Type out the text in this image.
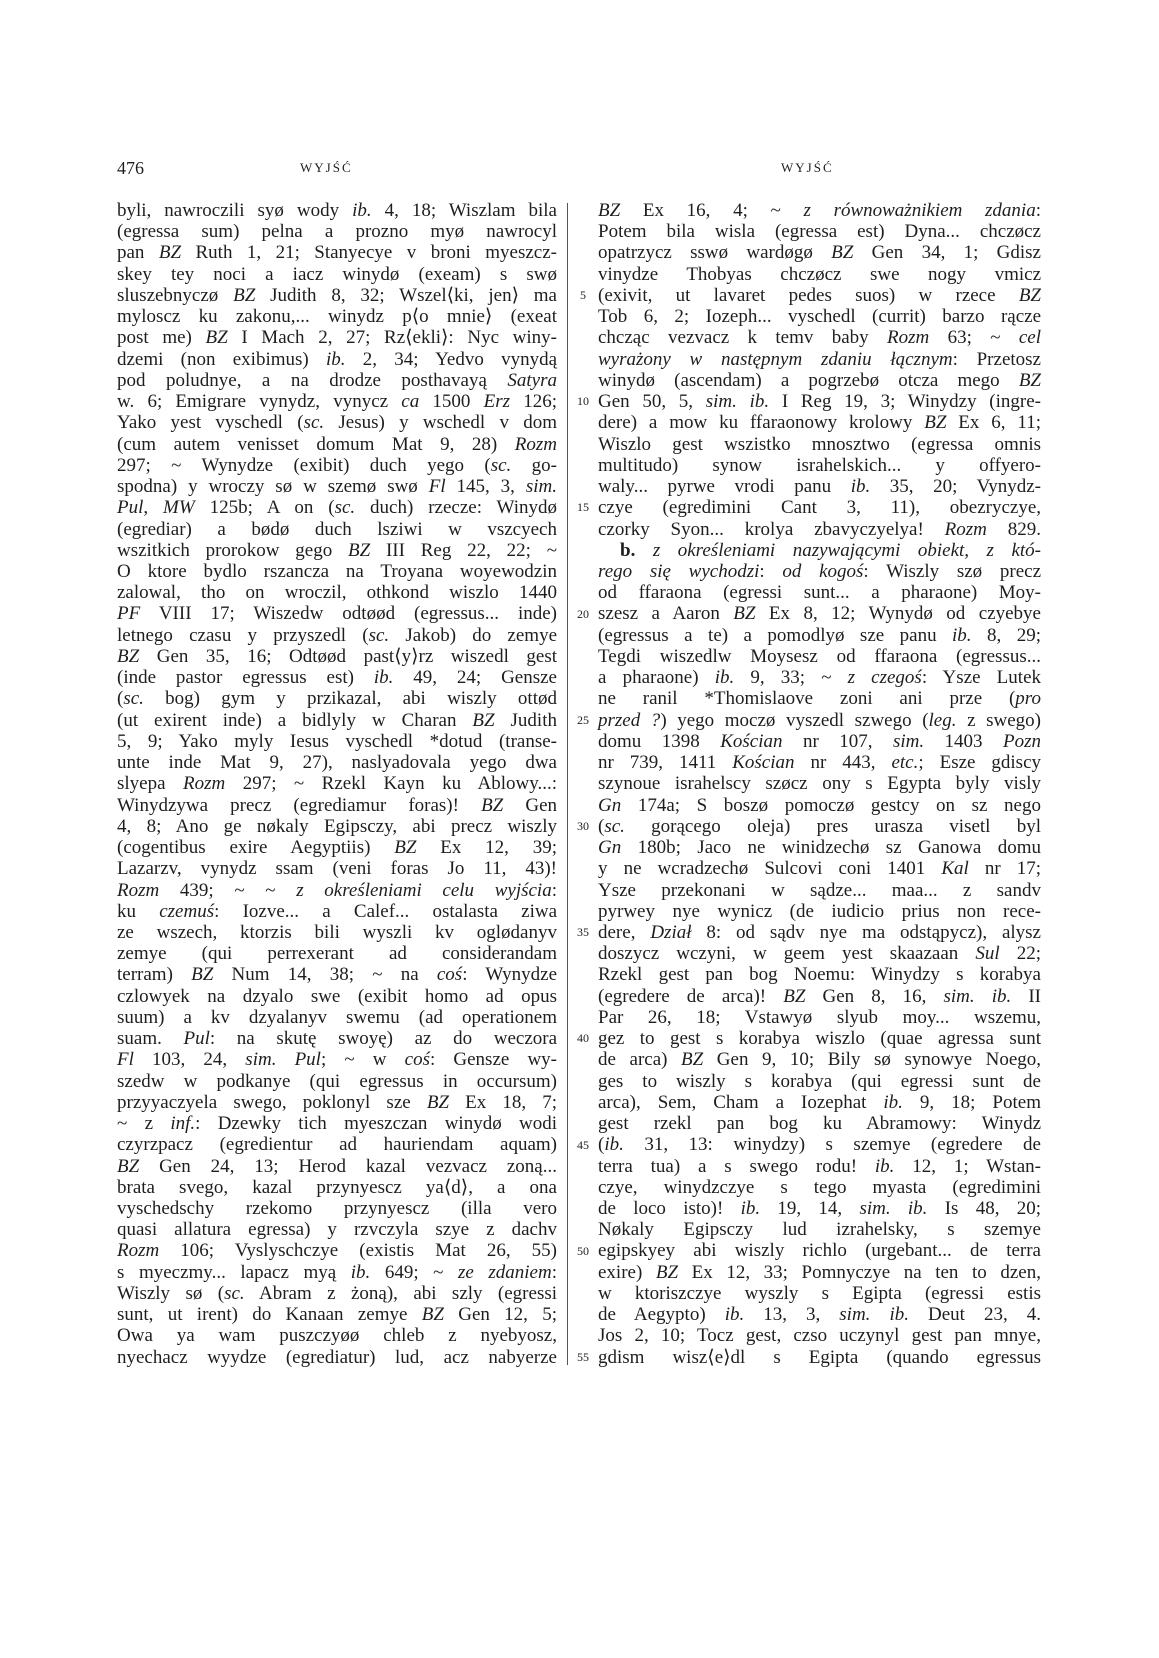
476	WYJŚĆ	WYJŚĆ
byli, nawroczili syø wody ib. 4, 18; Wiszlam bila
(egressa sum) pelna a prozno myø nawrocyl
pan BZ Ruth 1, 21; Stanyecye v broni myeszcz-
skey tey noci a iacz winydø (exeam) s swø
sluszebnyczø BZ Judith 8, 32; Wszel⟨ki, jen⟩ ma
myloscz ku zakonu,... winydz p⟨o mnie⟩ (exeat
post me) BZ I Mach 2, 27; Rz⟨ekli⟩: Nyc winy-
dzemi (non exibimus) ib. 2, 34; Yedvo vynydą
pod poludnye, a na drodze posthavayą Satyra
w. 6; Emigrare vynydz, vynycz ca 1500 Erz 126;
Yako yest vyschedl (sc. Jesus) y wschedl v dom
(cum autem venisset domum Mat 9, 28) Rozm
297; ~ Wynydze (exibit) duch yego (sc. go-
spodna) y wroczy sø w szemø swø Fl 145, 3, sim.
Pul, MW 125b; A on (sc. duch) rzecze: Winydø
(egrediar) a bødø duch lsziwi w vszcyech
wszitkich prorokow gego BZ III Reg 22, 22; ~
O ktore bydlo rszancza na Troyana woyewodzin
zalowal, tho on wroczil, othkond wiszlo 1440
PF VIII 17; Wiszedw odtøød (egressus... inde)
letnego czasu y przyszedl (sc. Jakob) do zemye
BZ Gen 35, 16; Odtøød past⟨y⟩rz wiszedl gest
(inde pastor egressus est) ib. 49, 24; Gensze
(sc. bog) gym y przikazal, abi wiszly ottød
(ut exirent inde) a bidlyly w Charan BZ Judith
5, 9; Yako myly Iesus vyschedl *dotud (transe-
unte inde Mat 9, 27), naslyadovala yego dwa
slyepa Rozm 297; ~ Rzekl Kayn ku Ablowy...:
Winydzywa precz (egrediamur foras)! BZ Gen
4, 8; Ano ge nøkaly Egipsczy, abi precz wiszly
(cogentibus exire Aegyptiis) BZ Ex 12, 39;
Lazarzv, vynydz ssam (veni foras Jo 11, 43)!
Rozm 439; ~ ~ z określeniami celu wyjścia:
ku czemuś: Iozve... a Calef... ostalasta ziwa
ze wszech, ktorzis bili wyszli kv oglødanyv
zemye (qui perrexerant ad considerandam
terram) BZ Num 14, 38; ~ na coś: Wynydze
czlowyek na dzyalo swe (exibit homo ad opus
suum) a kv dzyalanyv swemu (ad operationem
suam. Pul: na skutę swoyę) az do weczora
Fl 103, 24, sim. Pul; ~ w coś: Gensze wy-
szedw w podkanye (qui egressus in occursum)
przyyaczyela swego, poklonyl sze BZ Ex 18, 7;
~ z inf.: Dzewky tich myeszczan winydø wodi
czyrzpacz (egredientur ad hauriendam aquam)
BZ Gen 24, 13; Herod kazal vezvacz zoną...
brata svego, kazal przynyescz ya⟨d⟩, a ona
vyschedschy rzekomo przynyescz (illa vero
quasi allatura egressa) y rzvczyla szye z dachv
Rozm 106; Vyslyschczye (existis Mat 26, 55)
s myeczmy... lapacz myą ib. 649; ~ ze zdaniem:
Wiszly sø (sc. Abram z żoną), abi szly (egressi
sunt, ut irent) do Kanaan zemye BZ Gen 12, 5;
Owa ya wam puszczyøø chleb z nyebyosz,
nyechacz wyydze (egrediatur) lud, acz nabyerze
5
10
15
20
25
30
35
40
45
50
55
BZ Ex 16, 4; ~ z równoważnikiem zdania:
Potem bila wisla (egressa est) Dyna... chczøcz
opatrzycz sswø wardøgø BZ Gen 34, 1; Gdisz
vinydze Thobyas chczøcz swe nogy vmicz
(exivit, ut lavaret pedes suos) w rzece BZ
Tob 6, 2; Iozeph... vyschedl (currit) barzo rącze
chcząc vezvacz k temv baby Rozm 63; ~ cel
wyrażony w następnym zdaniu łącznym: Przetosz
winydø (ascendam) a pogrzebø otcza mego BZ
Gen 50, 5, sim. ib. I Reg 19, 3; Winydzy (ingre-
dere) a mow ku ffaraonowy krolowy BZ Ex 6, 11;
Wiszlo gest wszistko mnosztwo (egressa omnis
multitudo) synow israhelskich... y offyero-
waly... pyrwe vrodi panu ib. 35, 20; Vynydz-
czye (egredimini Cant 3, 11), obezryczye,
czorky Syon... krolya zbavyczyelya! Rozm 829.
b. z określeniami nazywającymi obiekt, z któ-
rego się wychodzi: od kogoś: Wiszly szø precz
od ffaraona (egressi sunt... a pharaone) Moy-
szesz a Aaron BZ Ex 8, 12; Wynydø od czyebye
(egressus a te) a pomodlyø sze panu ib. 8, 29;
Tegdi wiszedlw Moysesz od ffaraona (egressus...
a pharaone) ib. 9, 33; ~ z czegoś: Ysze Lutek
ne ranil *Thomislaove zoni ani prze (pro
przed ?) yego moczø vyszedl szwego (leg. z swego)
domu 1398 Kościan nr 107, sim. 1403 Pozn
nr 739, 1411 Kościan nr 443, etc.; Esze gdiscy
szynoue israhelscy szøcz ony s Egypta byly visly
Gn 174a; S boszø pomoczø gestcy on sz nego
(sc. gorącego oleja) pres urasza visetl byl
Gn 180b; Jaco ne winidzechø sz Ganowa domu
y ne wcradzechø Sulcovi coni 1401 Kal nr 17;
Ysze przekonani w sądze... maa... z sandv
pyrwey nye wynicz (de iudicio prius non rece-
dere, Dział 8: od sądv nye ma odstąpycz), alysz
doszycz wczyni, w geem yest skaazaan Sul 22;
Rzekl gest pan bog Noemu: Winydzy s korabya
(egredere de arca)! BZ Gen 8, 16, sim. ib. II
Par 26, 18; Vstawyø slyub moy... wszemu,
gez to gest s korabya wiszlo (quae agressa sunt
de arca) BZ Gen 9, 10; Bily sø synowye Noego,
ges to wiszly s korabya (qui egressi sunt de
arca), Sem, Cham a Iozephat ib. 9, 18; Potem
gest rzekl pan bog ku Abramowy: Winydz
(ib. 31, 13: winydzy) s szemye (egredere de
terra tua) a s swego rodu! ib. 12, 1; Wstan-
czye, winydzczye s tego myasta (egredimini
de loco isto)! ib. 19, 14, sim. ib. Is 48, 20;
Nøkaly Egipsczy lud izrahelsky, s szemye
egipskyey abi wiszly richlo (urgebant... de terra
exire) BZ Ex 12, 33; Pomnyczye na ten to dzen,
w ktoriszczye wyszly s Egipta (egressi estis
de Aegypto) ib. 13, 3, sim. ib. Deut 23, 4.
Jos 2, 10; Tocz gest, czso uczynyl gest pan mnye,
gdism wisz⟨e⟩dl s Egipta (quando egressus
